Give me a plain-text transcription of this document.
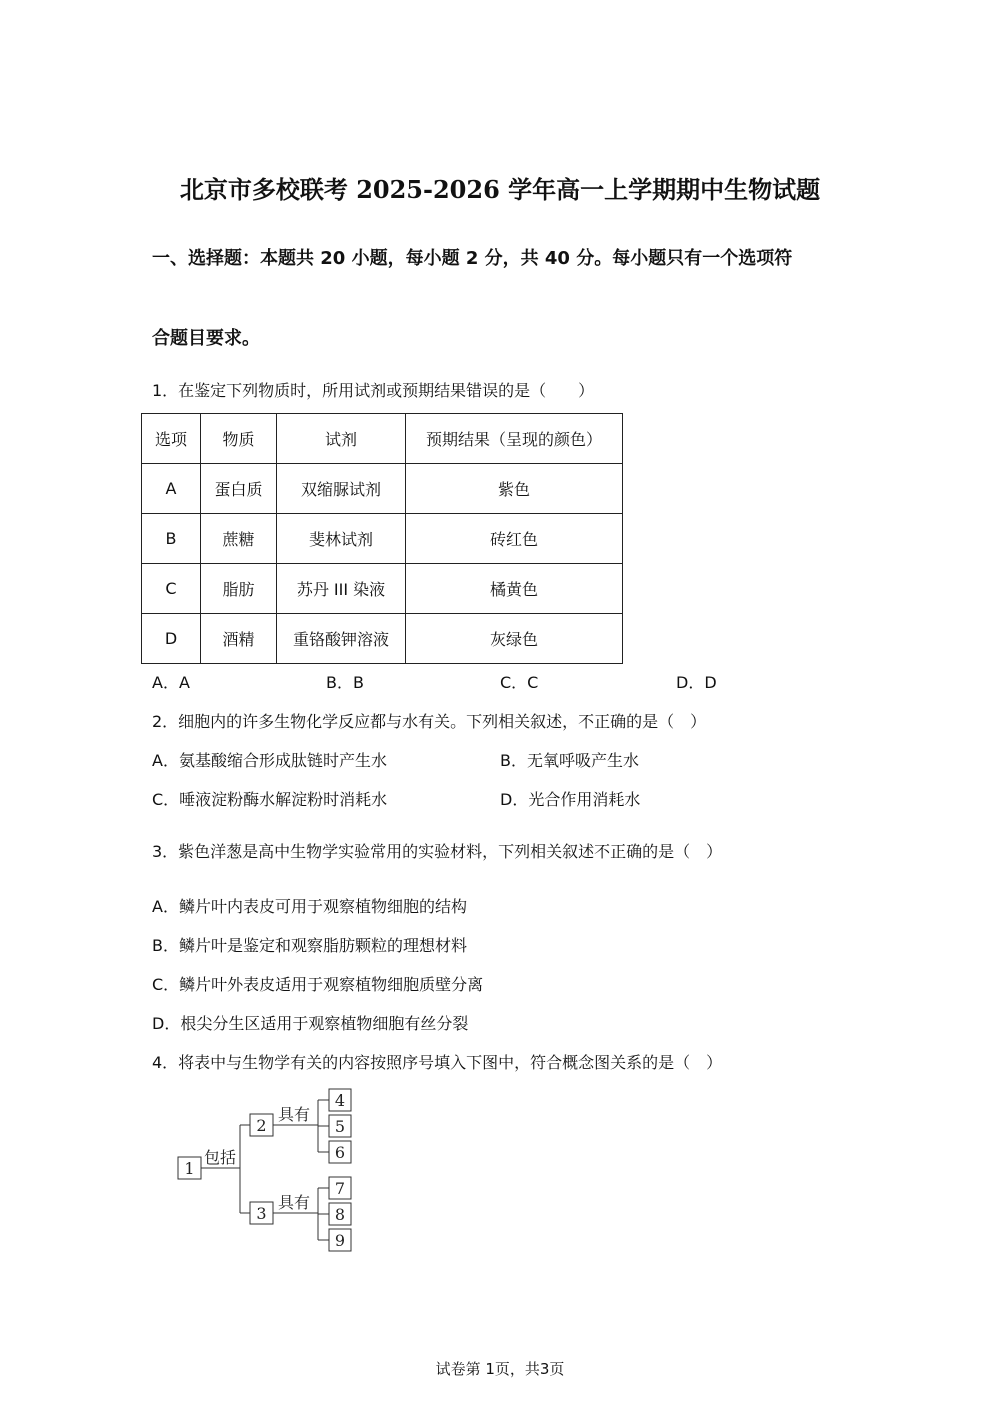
北京市多校联考 2025-2026 学年高一上学期期中生物试题
一、选择题：本题共 20 小题，每小题 2 分，共 40 分。每小题只有一个选项符
合题目要求。
1．在鉴定下列物质时，所用试剂或预期结果错误的是（　　）
选项	物质	试剂	预期结果（呈现的颜色）
A	蛋白质	双缩脲试剂	紫色
B	蔗糖	斐林试剂	砖红色
C	脂肪	苏丹 III 染液	橘黄色
D	酒精	重铬酸钾溶液	灰绿色
A．A	B．B	C．C	D．D
2．细胞内的许多生物化学反应都与水有关。下列相关叙述，不正确的是（　）
A．氨基酸缩合形成肽链时产生水	B．无氧呼吸产生水
C．唾液淀粉酶水解淀粉时消耗水	D．光合作用消耗水
3．紫色洋葱是高中生物学实验常用的实验材料，下列相关叙述不正确的是（　）
A．鳞片叶内表皮可用于观察植物细胞的结构
B．鳞片叶是鉴定和观察脂肪颗粒的理想材料
C．鳞片叶外表皮适用于观察植物细胞质壁分离
D．根尖分生区适用于观察植物细胞有丝分裂
4．将表中与生物学有关的内容按照序号填入下图中，符合概念图关系的是（　）
1
2
3
4
5
6
7
8
9
包括
具有
具有
试卷第 1页，共3页
